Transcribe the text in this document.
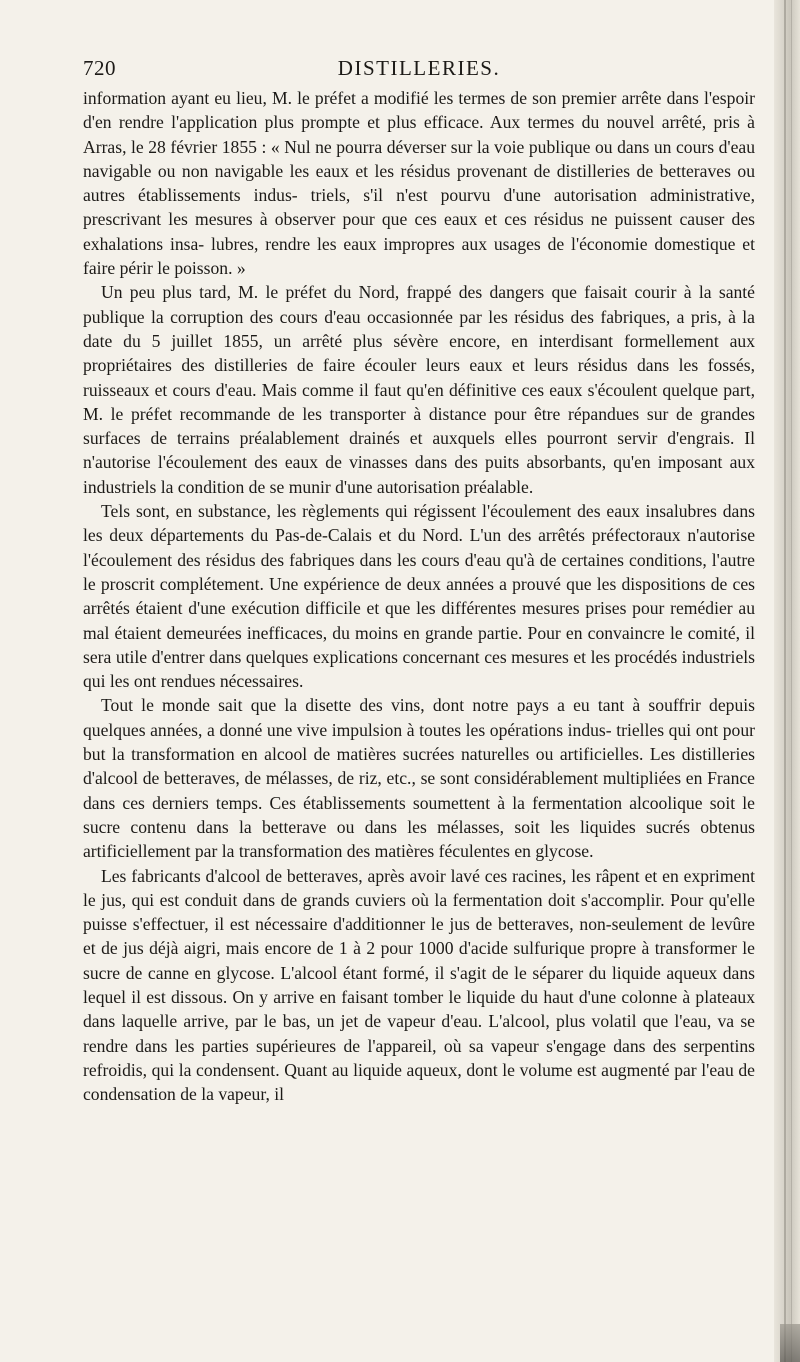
DISTILLERIES.
720

information ayant eu lieu, M. le préfet a modifié les termes de son premier arrête dans l'espoir d'en rendre l'application plus prompte et plus efficace. Aux termes du nouvel arrêté, pris à Arras, le 28 février 1855 : « Nul ne pourra déverser sur la voie publique ou dans un cours d'eau navigable ou non navigable les eaux et les résidus provenant de distilleries de betteraves ou autres établissements indus- triels, s'il n'est pourvu d'une autorisation administrative, prescrivant les mesures à observer pour que ces eaux et ces résidus ne puissent causer des exhalations insa- lubres, rendre les eaux impropres aux usages de l'économie domestique et faire périr le poisson. »

Un peu plus tard, M. le préfet du Nord, frappé des dangers que faisait courir à la santé publique la corruption des cours d'eau occasionnée par les résidus des fabriques, a pris, à la date du 5 juillet 1855, un arrêté plus sévère encore, en interdisant formellement aux propriétaires des distilleries de faire écouler leurs eaux et leurs résidus dans les fossés, ruisseaux et cours d'eau. Mais comme il faut qu'en définitive ces eaux s'écoulent quelque part, M. le préfet recommande de les transporter à distance pour être répandues sur de grandes surfaces de terrains préalablement drainés et auxquels elles pourront servir d'engrais. Il n'autorise l'écoulement des eaux de vinasses dans des puits absorbants, qu'en imposant aux industriels la condition de se munir d'une autorisation préalable.

Tels sont, en substance, les règlements qui régissent l'écoulement des eaux insalubres dans les deux départements du Pas-de-Calais et du Nord. L'un des arrêtés préfectoraux n'autorise l'écoulement des résidus des fabriques dans les cours d'eau qu'à de certaines conditions, l'autre le proscrit complétement. Une expérience de deux années a prouvé que les dispositions de ces arrêtés étaient d'une exécution difficile et que les différentes mesures prises pour remédier au mal étaient demeurées inefficaces, du moins en grande partie. Pour en convaincre le comité, il sera utile d'entrer dans quelques explications concernant ces mesures et les procédés industriels qui les ont rendues nécessaires.

Tout le monde sait que la disette des vins, dont notre pays a eu tant à souffrir depuis quelques années, a donné une vive impulsion à toutes les opérations indus- trielles qui ont pour but la transformation en alcool de matières sucrées naturelles ou artificielles. Les distilleries d'alcool de betteraves, de mélasses, de riz, etc., se sont considérablement multipliées en France dans ces derniers temps. Ces établissements soumettent à la fermentation alcoolique soit le sucre contenu dans la betterave ou dans les mélasses, soit les liquides sucrés obtenus artificiellement par la transformation des matières féculentes en glycose.

Les fabricants d'alcool de betteraves, après avoir lavé ces racines, les râpent et en expriment le jus, qui est conduit dans de grands cuviers où la fermentation doit s'accomplir. Pour qu'elle puisse s'effectuer, il est nécessaire d'additionner le jus de betteraves, non-seulement de levûre et de jus déjà aigri, mais encore de 1 à 2 pour 1000 d'acide sulfurique propre à transformer le sucre de canne en glycose. L'alcool étant formé, il s'agit de le séparer du liquide aqueux dans lequel il est dissous. On y arrive en faisant tomber le liquide du haut d'une colonne à plateaux dans laquelle arrive, par le bas, un jet de vapeur d'eau. L'alcool, plus volatil que l'eau, va se rendre dans les parties supérieures de l'appareil, où sa vapeur s'engage dans des serpentins refroidis, qui la condensent. Quant au liquide aqueux, dont le volume est augmenté par l'eau de condensation de la vapeur, il
